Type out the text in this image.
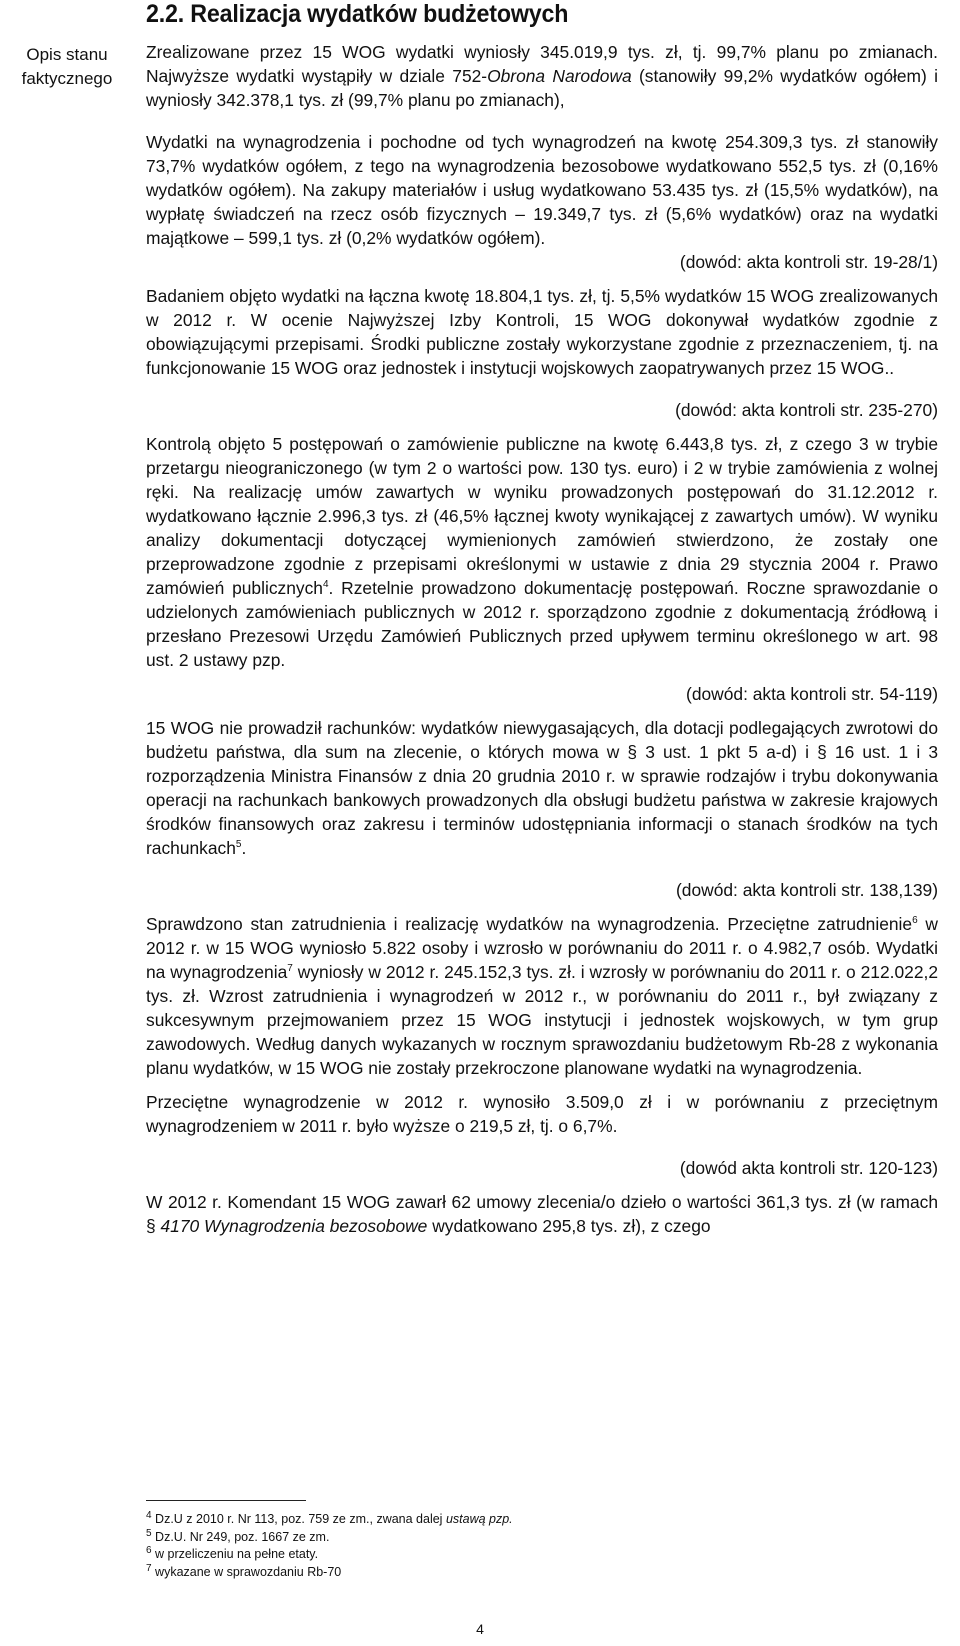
2.2. Realizacja wydatków budżetowych
Opis stanu
faktycznego

Zrealizowane przez 15 WOG wydatki wyniosły 345.019,9 tys. zł, tj. 99,7% planu po zmianach. Najwyższe wydatki wystąpiły w dziale 752-Obrona Narodowa (stanowiły 99,2% wydatków ogółem) i wyniosły 342.378,1 tys. zł (99,7% planu po zmianach),

Wydatki na wynagrodzenia i pochodne od tych wynagrodzeń na kwotę 254.309,3 tys. zł stanowiły 73,7% wydatków ogółem, z tego na wynagrodzenia bezosobowe wydatkowano 552,5 tys. zł (0,16% wydatków ogółem). Na zakupy materiałów i usług wydatkowano 53.435 tys. zł (15,5% wydatków), na wypłatę świadczeń na rzecz osób fizycznych – 19.349,7 tys. zł (5,6% wydatków) oraz na wydatki majątkowe – 599,1 tys. zł (0,2% wydatków ogółem).

(dowód: akta kontroli str. 19-28/1)

Badaniem objęto wydatki na łączna kwotę 18.804,1 tys. zł, tj. 5,5% wydatków 15 WOG zrealizowanych w 2012 r. W ocenie Najwyższej Izby Kontroli, 15 WOG dokonywał wydatków zgodnie z obowiązującymi przepisami. Środki publiczne zostały wykorzystane zgodnie z przeznaczeniem, tj. na funkcjonowanie 15 WOG oraz jednostek i instytucji wojskowych zaopatrywanych przez 15 WOG..

(dowód: akta kontroli str. 235-270)

Kontrolą objęto 5 postępowań o zamówienie publiczne na kwotę 6.443,8 tys. zł, z czego 3 w trybie przetargu nieograniczonego (w tym 2 o wartości pow. 130 tys. euro) i 2 w trybie zamówienia z wolnej ręki. Na realizację umów zawartych w wyniku prowadzonych postępowań do 31.12.2012 r. wydatkowano łącznie 2.996,3 tys. zł (46,5% łącznej kwoty wynikającej z zawartych umów). W wyniku analizy dokumentacji dotyczącej wymienionych zamówień stwierdzono, że zostały one przeprowadzone zgodnie z przepisami określonymi w ustawie z dnia 29 stycznia 2004 r. Prawo zamówień publicznych$^4$. Rzetelnie prowadzono dokumentację postępowań. Roczne sprawozdanie o udzielonych zamówieniach publicznych w 2012 r. sporządzono zgodnie z dokumentacją źródłową i przesłano Prezesowi Urzędu Zamówień Publicznych przed upływem terminu określonego w art. 98 ust. 2 ustawy pzp.

(dowód: akta kontroli str. 54-119)

15 WOG nie prowadził rachunków: wydatków niewygasających, dla dotacji podlegających zwrotowi do budżetu państwa, dla sum na zlecenie, o których mowa w § 3 ust. 1 pkt 5 a-d) i § 16 ust. 1 i 3 rozporządzenia Ministra Finansów z dnia 20 grudnia 2010 r. w sprawie rodzajów i trybu dokonywania operacji na rachunkach bankowych prowadzonych dla obsługi budżetu państwa w zakresie krajowych środków finansowych oraz zakresu i terminów udostępniania informacji o stanach środków na tych rachunkach$^5$.

(dowód: akta kontroli str. 138,139)

Sprawdzono stan zatrudnienia i realizację wydatków na wynagrodzenia. Przeciętne zatrudnienie$^6$ w 2012 r. w 15 WOG wyniosło 5.822 osoby i wzrosło w porównaniu do 2011 r. o 4.982,7 osób. Wydatki na wynagrodzenia$^7$ wyniosły w 2012 r. 245.152,3 tys. zł. i wzrosły w porównaniu do 2011 r. o 212.022,2 tys. zł. Wzrost zatrudnienia i wynagrodzeń w 2012 r., w porównaniu do 2011 r., był związany z sukcesywnym przejmowaniem przez 15 WOG instytucji i jednostek wojskowych, w tym grup zawodowych. Według danych wykazanych w rocznym sprawozdaniu budżetowym Rb-28 z wykonania planu wydatków, w 15 WOG nie zostały przekroczone planowane wydatki na wynagrodzenia.

Przeciętne wynagrodzenie w 2012 r. wynosiło 3.509,0 zł i w porównaniu z przeciętnym wynagrodzeniem w 2011 r. było wyższe o 219,5 zł, tj. o 6,7%.

(dowód akta kontroli str. 120-123)

W 2012 r. Komendant 15 WOG zawarł 62 umowy zlecenia/o dzieło o wartości 361,3 tys. zł (w ramach § 4170 Wynagrodzenia bezosobowe wydatkowano 295,8 tys. zł), z czego

$^4$ Dz.U z 2010 r. Nr 113, poz. 759 ze zm., zwana dalej ustawą pzp.

$^5$ Dz.U. Nr 249, poz. 1667 ze zm.

$^6$ w przeliczeniu na pełne etaty.

$^7$ wykazane w sprawozdaniu Rb-70

4
